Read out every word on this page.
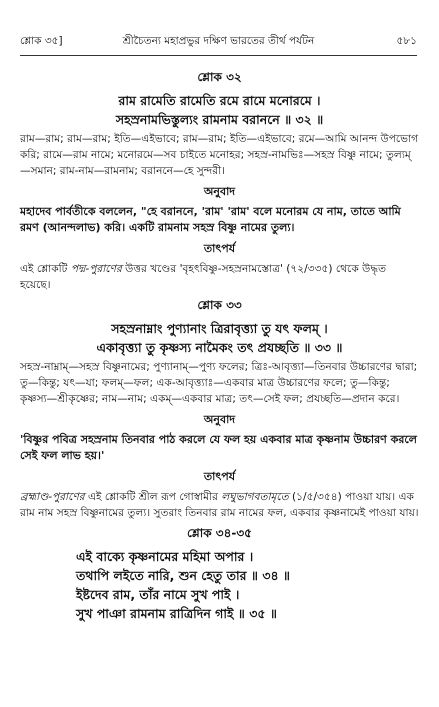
শ্লোক ৩৫]	শ্রীচৈতন্য মহাপ্রভুর দক্ষিণ ভারতের তীর্থ পর্যটন	৫৮১
শ্লোক ৩২
রাম রামেতি রামেতি রমে রামে মনোরমে ।
সহস্রনামভিস্তুল্যং রামনাম বরাননে ॥ ৩২ ॥
রাম—রাম; রাম—রাম; ইতি—এইভাবে; রাম—রাম; ইতি—এইভাবে; রমে—আমি আনন্দ উপভোগ করি; রামে—রাম নামে; মনোরমে—সব চাইতে মনোহর; সহস্র-নামভিঃ—সহস্র বিষ্ণু নামে; তুল্যম্—সমান; রাম-নাম—রামনাম; বরাননে—হে সুন্দরী।
অনুবাদ
মহাদেব পার্বতীকে বললেন, "হে বরাননে, 'রাম' 'রাম' বলে মনোরম যে নাম, তাতে আমি রমণ (আনন্দলাভ) করি। একটি রামনাম সহস্র বিষ্ণু নামের তুল্য।
তাৎপর্য
এই শ্লোকটি পদ্ম-পুরাণের উত্তর খণ্ডের 'বৃহৎবিষ্ণু-সহস্রনামস্তোত্র' (৭২/৩৩৫) থেকে উদ্ধৃত হয়েছে।
শ্লোক ৩৩
সহস্রনাম্নাং পুণ্যানাং ত্রিরাবৃত্ত্যা তু যৎ ফলম্ ।
একাবৃত্ত্যা তু কৃষ্ণস্য নামৈকং তৎ প্রযচ্ছতি ॥ ৩৩ ॥
সহস্র-নাম্নাম্—সহস্র বিষ্ণুনামের; পুণ্যানাম্—পুণ্য ফলের; ত্রিঃ-আবৃত্ত্যা—তিনবার উচ্চারণের দ্বারা; তু—কিন্তু; যৎ—যা; ফলম্—ফল; এক-আবৃত্ত্যাঃ—একবার মাত্র উচ্চারণের ফলে; তু—কিন্তু; কৃষ্ণস্য—শ্রীকৃষ্ণের; নাম—নাম; একম্—একবার মাত্র; তৎ—সেই ফল; প্রযচ্ছতি—প্রদান করে।
অনুবাদ
'বিষ্ণুর পবিত্র সহস্রনাম তিনবার পাঠ করলে যে ফল হয় একবার মাত্র কৃষ্ণনাম উচ্চারণ করলে সেই ফল লাভ হয়।'
তাৎপর্য
ব্রহ্মাণ্ড-পুরাণের এই শ্লোকটি শ্রীল রূপ গোস্বামীর লঘুভাগবতামৃতে (১/৫/৩৫৪) পাওয়া যায়। এক রাম নাম সহস্র বিষ্ণুনামের তুল্য। সুতরাং তিনবার রাম নামের ফল, একবার কৃষ্ণনামেই পাওয়া যায়।
শ্লোক ৩৪-৩৫
এই বাক্যে কৃষ্ণনামের মহিমা অপার ।
তথাপি লইতে নারি, শুন হেতু তার ॥ ৩৪ ॥
ইষ্টদেব রাম, তাঁর নামে সুখ পাই ।
সুখ পাঞা রামনাম রাত্রিদিন গাই ॥ ৩৫ ॥
